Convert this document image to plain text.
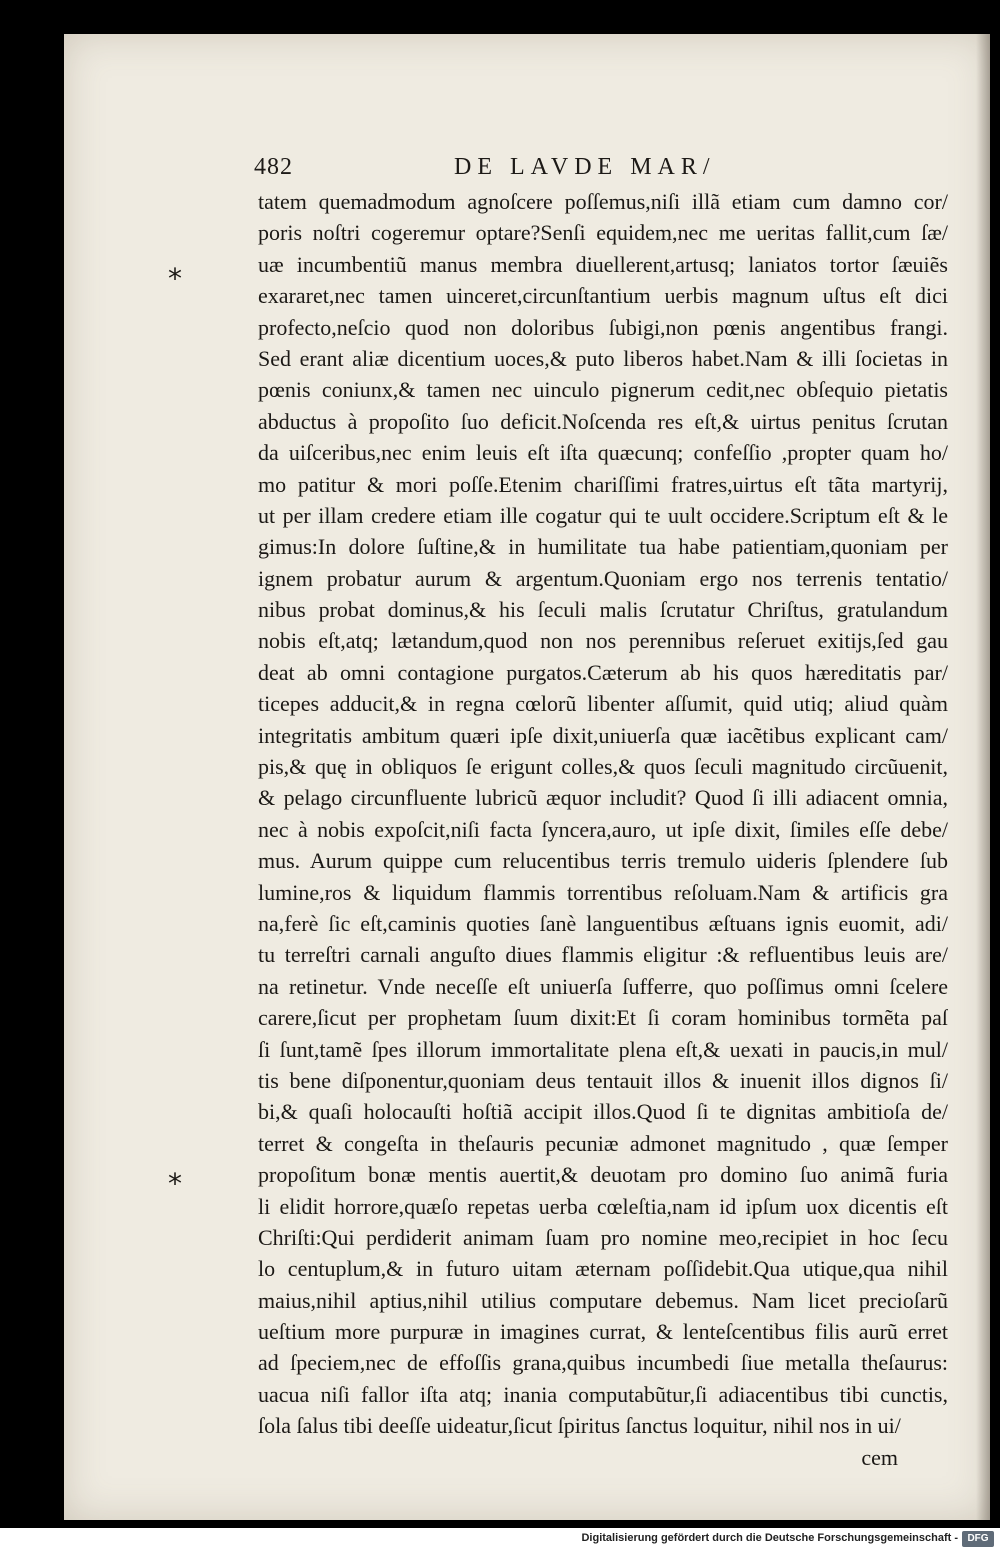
482	DE LAVDE MAR/
*
*
tatem quemadmodum agnoſcere poſſemus,niſi illã etiam cum damno cor/
poris noſtri cogeremur optare?Senſi equidem,nec me ueritas fallit,cum ſæ/
uæ incumbentiũ manus membra diuellerent,artusq; laniatos tortor ſæuiẽs
exararet,nec tamen uinceret,circunſtantium uerbis magnum uſtus eſt dici
profecto,neſcio quod non doloribus ſubigi,non pœnis angentibus frangi.
Sed erant aliæ dicentium uoces,& puto liberos habet.Nam & illi ſocietas in
pœnis coniunx,& tamen nec uinculo pignerum cedit,nec obſequio pietatis
abductus à propoſito ſuo deficit.Noſcenda res eſt,& uirtus penitus ſcrutan
da uiſceribus,nec enim leuis eſt iſta quæcunq; confeſſio ,propter quam ho/
mo patitur & mori poſſe.Etenim chariſſimi fratres,uirtus eſt tãta martyrij,
ut per illam credere etiam ille cogatur qui te uult occidere.Scriptum eſt & le
gimus:In dolore ſuſtine,& in humilitate tua habe patientiam,quoniam per
ignem probatur aurum & argentum.Quoniam ergo nos terrenis tentatio/
nibus probat dominus,& his ſeculi malis ſcrutatur Chriſtus, gratulandum
nobis eſt,atq; lætandum,quod non nos perennibus reſeruet exitijs,ſed gau
deat ab omni contagione purgatos.Cæterum ab his quos hæreditatis par/
ticepes adducit,& in regna cœlorũ libenter aſſumit, quid utiq; aliud quàm
integritatis ambitum quæri ipſe dixit,uniuerſa quæ iacẽtibus explicant cam/
pis,& quę in obliquos ſe erigunt colles,& quos ſeculi magnitudo circũuenit,
& pelago circunfluente lubricũ æquor includit? Quod ſi illi adiacent omnia,
nec à nobis expoſcit,niſi facta ſyncera,auro, ut ipſe dixit, ſimiles eſſe debe/
mus. Aurum quippe cum relucentibus terris tremulo uideris ſplendere ſub
lumine,ros & liquidum flammis torrentibus reſoluam.Nam & artificis gra
na,ferè ſic eſt,caminis quoties ſanè languentibus æſtuans ignis euomit, adi/
tu terreſtri carnali anguſto diues flammis eligitur :& refluentibus leuis are/
na retinetur. Vnde neceſſe eſt uniuerſa ſufferre, quo poſſimus omni ſcelere
carere,ſicut per prophetam ſuum dixit:Et ſi coram hominibus tormẽta paſ
ſi ſunt,tamẽ ſpes illorum immortalitate plena eſt,& uexati in paucis,in mul/
tis bene diſponentur,quoniam deus tentauit illos & inuenit illos dignos ſi/
bi,& quaſi holocauſti hoſtiã accipit illos.Quod ſi te dignitas ambitioſa de/
terret & congeſta in theſauris pecuniæ admonet magnitudo , quæ ſemper
propoſitum bonæ mentis auertit,& deuotam pro domino ſuo animã furia
li elidit horrore,quæſo repetas uerba cœleſtia,nam id ipſum uox dicentis eſt
Chriſti:Qui perdiderit animam ſuam pro nomine meo,recipiet in hoc ſecu
lo centuplum,& in futuro uitam æternam poſſidebit.Qua utique,qua nihil
maius,nihil aptius,nihil utilius computare debemus. Nam licet precioſarũ
ueſtium more purpuræ in imagines currat, & lenteſcentibus filis aurũ erret
ad ſpeciem,nec de effoſſis grana,quibus incumbedi ſiue metalla theſaurus:
uacua niſi fallor iſta atq; inania computabũtur,ſi adiacentibus tibi cunctis,
ſola ſalus tibi deeſſe uideatur,ſicut ſpiritus ſanctus loquitur, nihil nos in ui/
cem
Digitalisierung gefördert durch die Deutsche Forschungsgemeinschaft - DFG
